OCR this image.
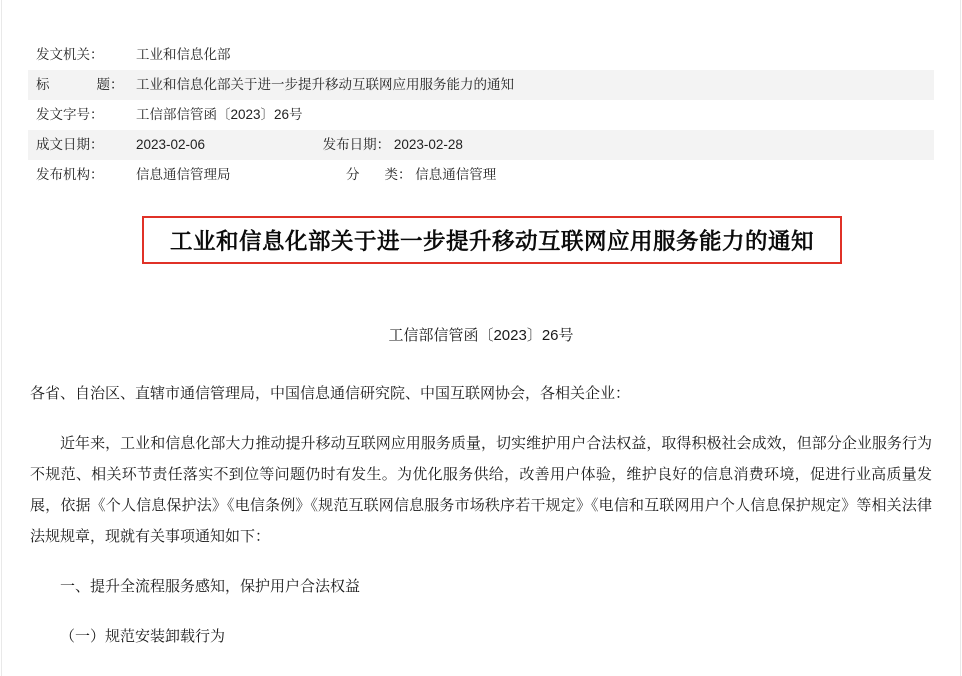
发文机关：	工业和信息化部
标 题：	工业和信息化部关于进一步提升移动互联网应用服务能力的通知
发文字号：	工信部信管函〔2023〕26号
成文日期：	2023-02-06 发布日期： 2023-02-28
发布机构：	信息通信管理局 分 类： 信息通信管理
工业和信息化部关于进一步提升移动互联网应用服务能力的通知
工信部信管函〔2023〕26号

各省、自治区、直辖市通信管理局，中国信息通信研究院、中国互联网协会，各相关企业：

近年来，工业和信息化部大力推动提升移动互联网应用服务质量，切实维护用户合法权益，取得积极社会成效，但部分企业服务行为不规范、相关环节责任落实不到位等问题仍时有发生。为优化服务供给，改善用户体验，维护良好的信息消费环境，促进行业高质量发展，依据《个人信息保护法》《电信条例》《规范互联网信息服务市场秩序若干规定》《电信和互联网用户个人信息保护规定》等相关法律法规规章，现就有关事项通知如下：

一、提升全流程服务感知，保护用户合法权益

（一）规范安装卸载行为
